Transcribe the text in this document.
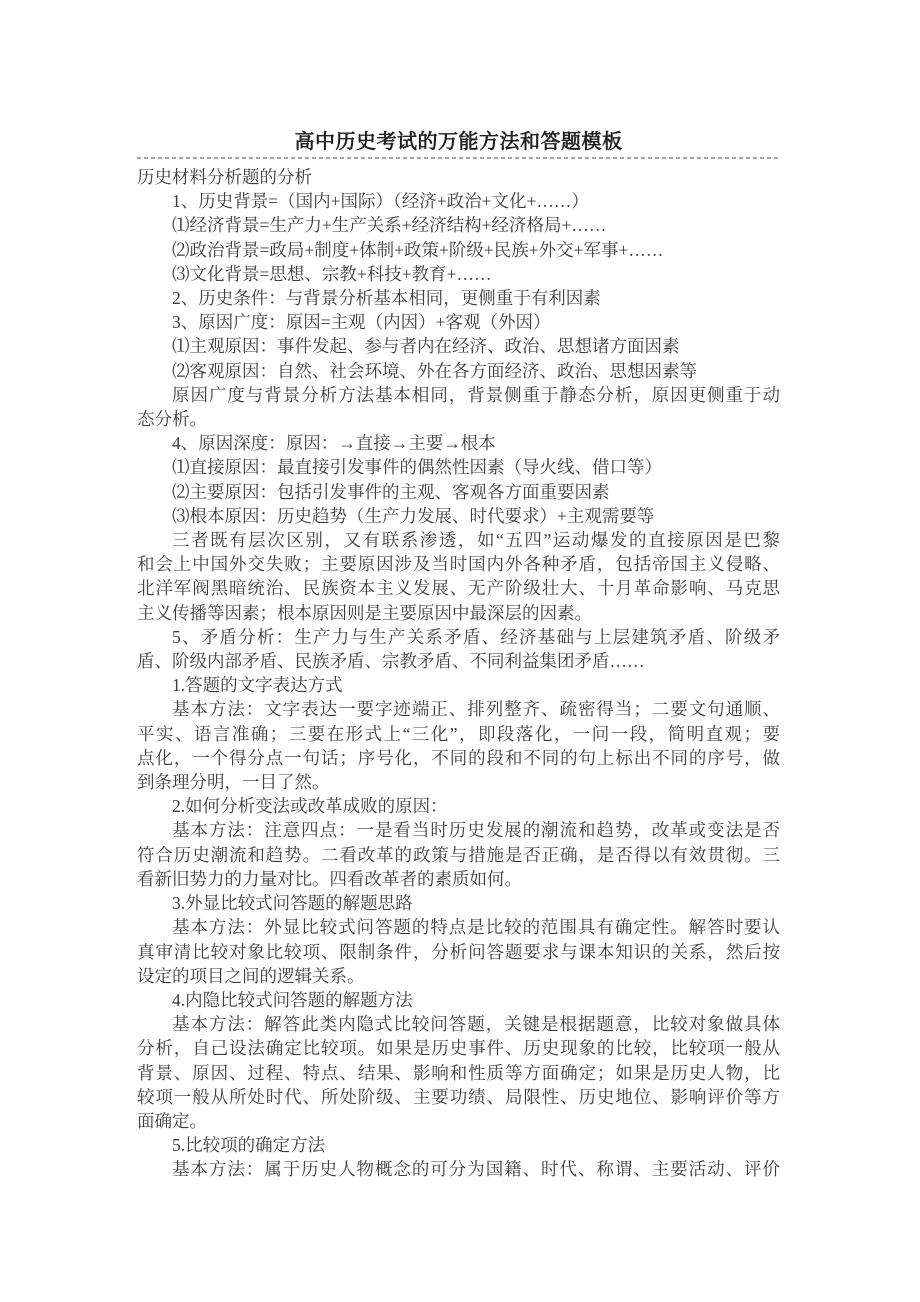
高中历史考试的万能方法和答题模板
历史材料分析题的分析
1、历史背景=（国内+国际）（经济+政治+文化+……）
⑴经济背景=生产力+生产关系+经济结构+经济格局+……
⑵政治背景=政局+制度+体制+政策+阶级+民族+外交+军事+……
⑶文化背景=思想、宗教+科技+教育+……
2、历史条件：与背景分析基本相同，更侧重于有利因素
3、原因广度：原因=主观（内因）+客观（外因）
⑴主观原因：事件发起、参与者内在经济、政治、思想诸方面因素
⑵客观原因：自然、社会环境、外在各方面经济、政治、思想因素等
原因广度与背景分析方法基本相同，背景侧重于静态分析，原因更侧重于动
态分析。
4、原因深度：原因：→直接→主要→根本
⑴直接原因：最直接引发事件的偶然性因素（导火线、借口等）
⑵主要原因：包括引发事件的主观、客观各方面重要因素
⑶根本原因：历史趋势（生产力发展、时代要求）+主观需要等
三者既有层次区别，又有联系渗透，如“五四”运动爆发的直接原因是巴黎
和会上中国外交失败；主要原因涉及当时国内外各种矛盾，包括帝国主义侵略、
北洋军阀黑暗统治、民族资本主义发展、无产阶级壮大、十月革命影响、马克思
主义传播等因素；根本原因则是主要原因中最深层的因素。
5、矛盾分析：生产力与生产关系矛盾、经济基础与上层建筑矛盾、阶级矛
盾、阶级内部矛盾、民族矛盾、宗教矛盾、不同利益集团矛盾……
1.答题的文字表达方式
基本方法：文字表达一要字迹端正、排列整齐、疏密得当；二要文句通顺、
平实、语言准确；三要在形式上“三化”，即段落化，一问一段，简明直观；要
点化，一个得分点一句话；序号化，不同的段和不同的句上标出不同的序号，做
到条理分明，一目了然。
2.如何分析变法或改革成败的原因：
基本方法：注意四点：一是看当时历史发展的潮流和趋势，改革或变法是否
符合历史潮流和趋势。二看改革的政策与措施是否正确，是否得以有效贯彻。三
看新旧势力的力量对比。四看改革者的素质如何。
3.外显比较式问答题的解题思路
基本方法：外显比较式问答题的特点是比较的范围具有确定性。解答时要认
真审清比较对象比较项、限制条件，分析问答题要求与课本知识的关系，然后按
设定的项目之间的逻辑关系。
4.内隐比较式问答题的解题方法
基本方法：解答此类内隐式比较问答题，关键是根据题意，比较对象做具体
分析，自己设法确定比较项。如果是历史事件、历史现象的比较，比较项一般从
背景、原因、过程、特点、结果、影响和性质等方面确定；如果是历史人物，比
较项一般从所处时代、所处阶级、主要功绩、局限性、历史地位、影响评价等方
面确定。
5.比较项的确定方法
基本方法：属于历史人物概念的可分为国籍、时代、称谓、主要活动、评价
